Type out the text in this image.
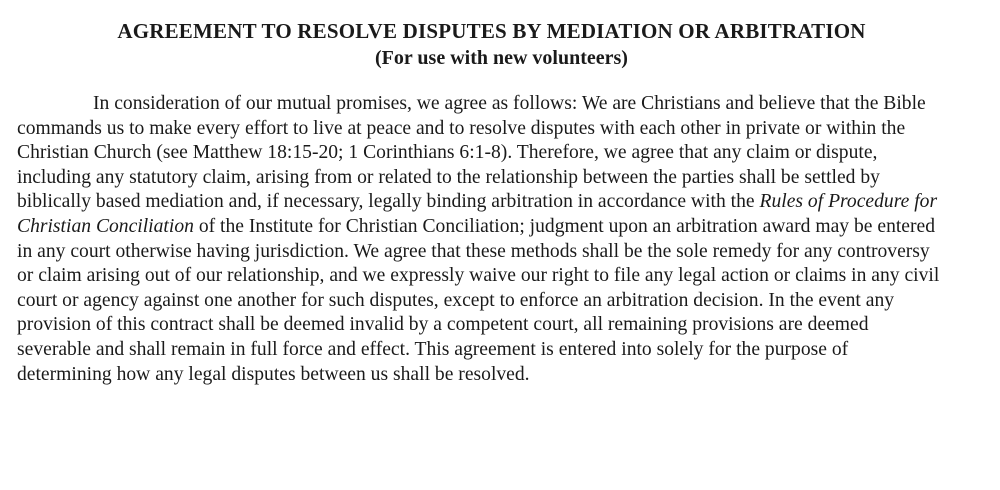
AGREEMENT TO RESOLVE DISPUTES BY MEDIATION OR ARBITRATION
(For use with new volunteers)

In consideration of our mutual promises, we agree as follows: We are Christians and believe that the Bible commands us to make every effort to live at peace and to resolve disputes with each other in private or within the Christian Church (see Matthew 18:15-20; 1 Corinthians 6:1-8). Therefore, we agree that any claim or dispute, including any statutory claim, arising from or related to the relationship between the parties shall be settled by biblically based mediation and, if necessary, legally binding arbitration in accordance with the Rules of Procedure for Christian Conciliation of the Institute for Christian Conciliation; judgment upon an arbitration award may be entered in any court otherwise having jurisdiction. We agree that these methods shall be the sole remedy for any controversy or claim arising out of our relationship, and we expressly waive our right to file any legal action or claims in any civil court or agency against one another for such disputes, except to enforce an arbitration decision. In the event any provision of this contract shall be deemed invalid by a competent court, all remaining provisions are deemed severable and shall remain in full force and effect. This agreement is entered into solely for the purpose of determining how any legal disputes between us shall be resolved.
